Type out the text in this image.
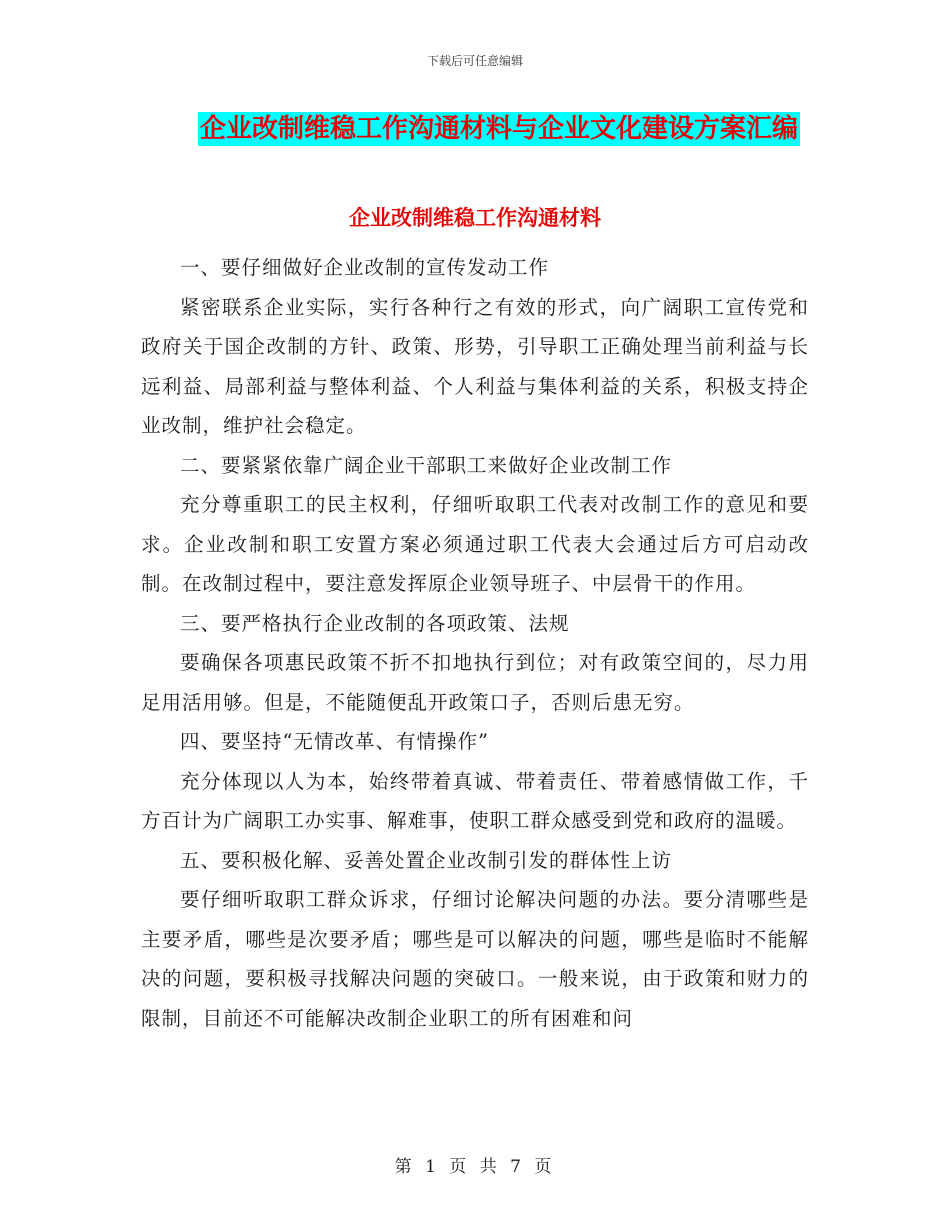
下载后可任意编辑
企业改制维稳工作沟通材料与企业文化建设方案汇编
企业改制维稳工作沟通材料

一、要仔细做好企业改制的宣传发动工作

紧密联系企业实际，实行各种行之有效的形式，向广阔职工宣传党和政府关于国企改制的方针、政策、形势，引导职工正确处理当前利益与长远利益、局部利益与整体利益、个人利益与集体利益的关系，积极支持企业改制，维护社会稳定。

二、要紧紧依靠广阔企业干部职工来做好企业改制工作

充分尊重职工的民主权利，仔细听取职工代表对改制工作的意见和要求。企业改制和职工安置方案必须通过职工代表大会通过后方可启动改制。在改制过程中，要注意发挥原企业领导班子、中层骨干的作用。

三、要严格执行企业改制的各项政策、法规

要确保各项惠民政策不折不扣地执行到位；对有政策空间的，尽力用足用活用够。但是，不能随便乱开政策口子，否则后患无穷。

四、要坚持“无情改革、有情操作”

充分体现以人为本，始终带着真诚、带着责任、带着感情做工作，千方百计为广阔职工办实事、解难事，使职工群众感受到党和政府的温暖。

五、要积极化解、妥善处置企业改制引发的群体性上访

要仔细听取职工群众诉求，仔细讨论解决问题的办法。要分清哪些是主要矛盾，哪些是次要矛盾；哪些是可以解决的问题，哪些是临时不能解决的问题，要积极寻找解决问题的突破口。一般来说，由于政策和财力的限制，目前还不可能解决改制企业职工的所有困难和问

第 1 页 共 7 页
